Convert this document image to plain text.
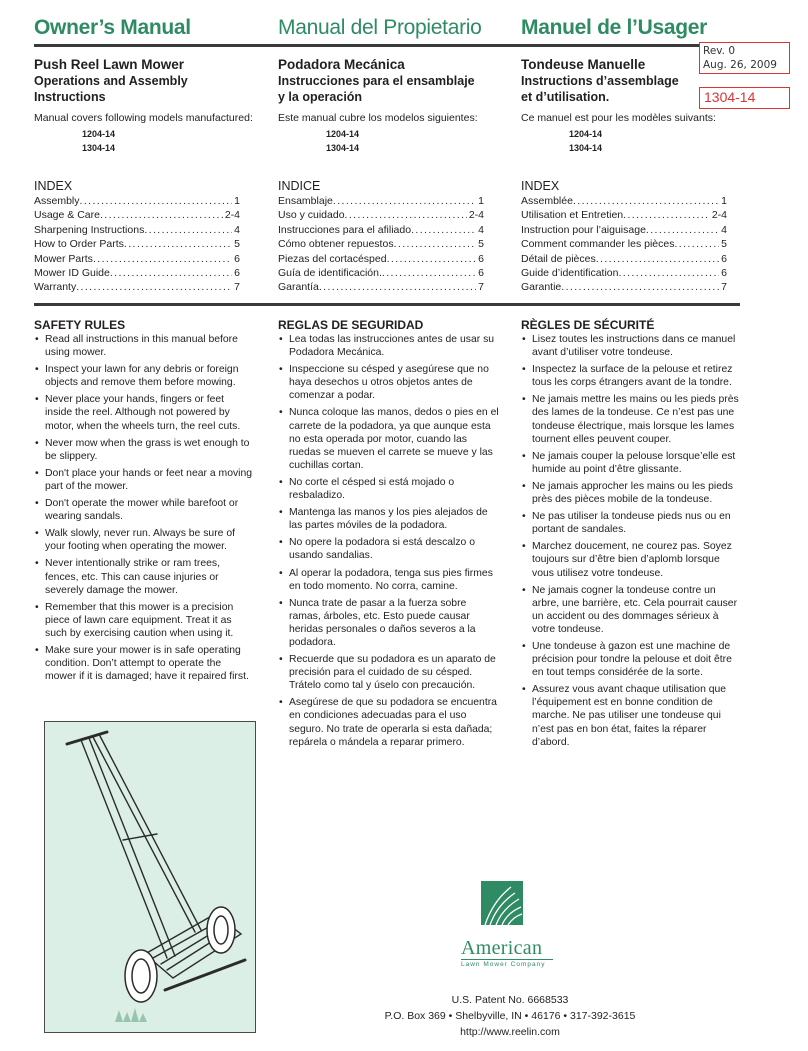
Owner’s Manual	Manual del Propietario Manuel de l’Usager
Rev. 0
Aug. 26, 2009
1304-14
Push Reel Lawn Mower
Operations and Assembly
Instructions
Manual covers following models manufactured:
1204-14
1304-14
Podadora Mecánica
Instrucciones para el ensamblaje
y la operación
Este manual cubre los modelos siguientes:
1204-14
1304-14
Tondeuse Manuelle
Instructions d’assemblage
et d’utilisation.
Ce manuel est pour les modèles suivants:
1204-14
1304-14
INDEX
Assembly .....	1
Usage & Care .....	2-4
Sharpening Instructions .....	4
How to Order Parts .....	5
Mower Parts .....	6
Mower ID Guide .....	6
Warranty .....	7
INDICE
Ensamblaje .....	1
Uso y cuidado .....	2-4
Instrucciones para el afiliado .....	4
Cómo obtener repuestos .....	5
Piezas del cortacésped .....	6
Guía de identificación. .....	6
Garantía .....	7
INDEX
Assemblée .....	1
Utilisation et Entretien .....	2-4
Instruction pour l’aiguisage .....	4
Comment commander les pièces .....	5
Détail de pièces .....	6
Guide d’identification .....	6
Garantie .....	7
SAFETY RULES
• Read all instructions in this manual before using mower.
• Inspect your lawn for any debris or foreign objects and remove them before mowing.
• Never place your hands, fingers or feet inside the reel. Although not powered by motor, when the wheels turn, the reel cuts.
• Never mow when the grass is wet enough to be slippery.
• Don't place your hands or feet near a moving part of the mower.
• Don't operate the mower while barefoot or wearing sandals.
• Walk slowly, never run. Always be sure of your footing when operating the mower.
• Never intentionally strike or ram trees, fences, etc. This can cause injuries or severely damage the mower.
• Remember that this mower is a precision piece of lawn care equipment. Treat it as such by exercising caution when using it.
• Make sure your mower is in safe operating condition. Don’t attempt to operate the mower if it is damaged; have it repaired first.
REGLAS DE SEGURIDAD
• Lea todas las instrucciones antes de usar su Podadora Mecánica.
• Inspeccione su césped y asegúrese que no haya desechos u otros objetos antes de comenzar a podar.
• Nunca coloque las manos, dedos o pies en el carrete de la podadora, ya que aunque esta no esta operada por motor, cuando las ruedas se mueven el carrete se mueve y las cuchillas cortan.
• No corte el césped si está mojado o resbaladizo.
• Mantenga las manos y los pies alejados de las partes móviles de la podadora.
• No opere la podadora si está descalzo o usando sandalias.
• Al operar la podadora, tenga sus pies firmes en todo momento. No corra, camine.
• Nunca trate de pasar a la fuerza sobre ramas, árboles, etc. Esto puede causar heridas personales o daños severos a la podadora.
• Recuerde que su podadora es un aparato de precisión para el cuidado de su césped. Trátelo como tal y úselo con precaución.
• Asegúrese de que su podadora se encuentra en condiciones adecuadas para el uso seguro. No trate de operarla si esta dañada; repárela o mándela a reparar primero.
RÈGLES DE SÉCURITÉ
• Lisez toutes les instructions dans ce manuel avant d’utiliser votre tondeuse.
• Inspectez la surface de la pelouse et retirez tous les corps étrangers avant de la tondre.
• Ne jamais mettre les mains ou les pieds près des lames de la tondeuse. Ce n’est pas une tondeuse électrique, mais lorsque les lames tournent elles peuvent couper.
• Ne jamais couper la pelouse lorsque’elle est humide au point d’être glissante.
• Ne jamais approcher les mains ou les pieds près des pièces mobile de la tondeuse.
• Ne pas utiliser la tondeuse pieds nus ou en portant de sandales.
• Marchez doucement, ne courez pas. Soyez toujours sur d’être bien d’aplomb lorsque vous utilisez votre tondeuse.
• Ne jamais cogner la tondeuse contre un arbre, une barrière, etc. Cela pourrait causer un accident ou des dommages sérieux à votre tondeuse.
• Une tondeuse à gazon est une machine de précision pour tondre la pelouse et doit être en tout temps considérée de la sorte.
• Assurez vous avant chaque utilisation que l’équipement est en bonne condition de marche. Ne pas utiliser une tondeuse qui n’est pas en bon état, faites la réparer d’abord.
American
Lawn Mower Company
U.S. Patent No. 6668533
P.O. Box 369 • Shelbyville, IN • 46176 • 317-392-3615
http://www.reelin.com
